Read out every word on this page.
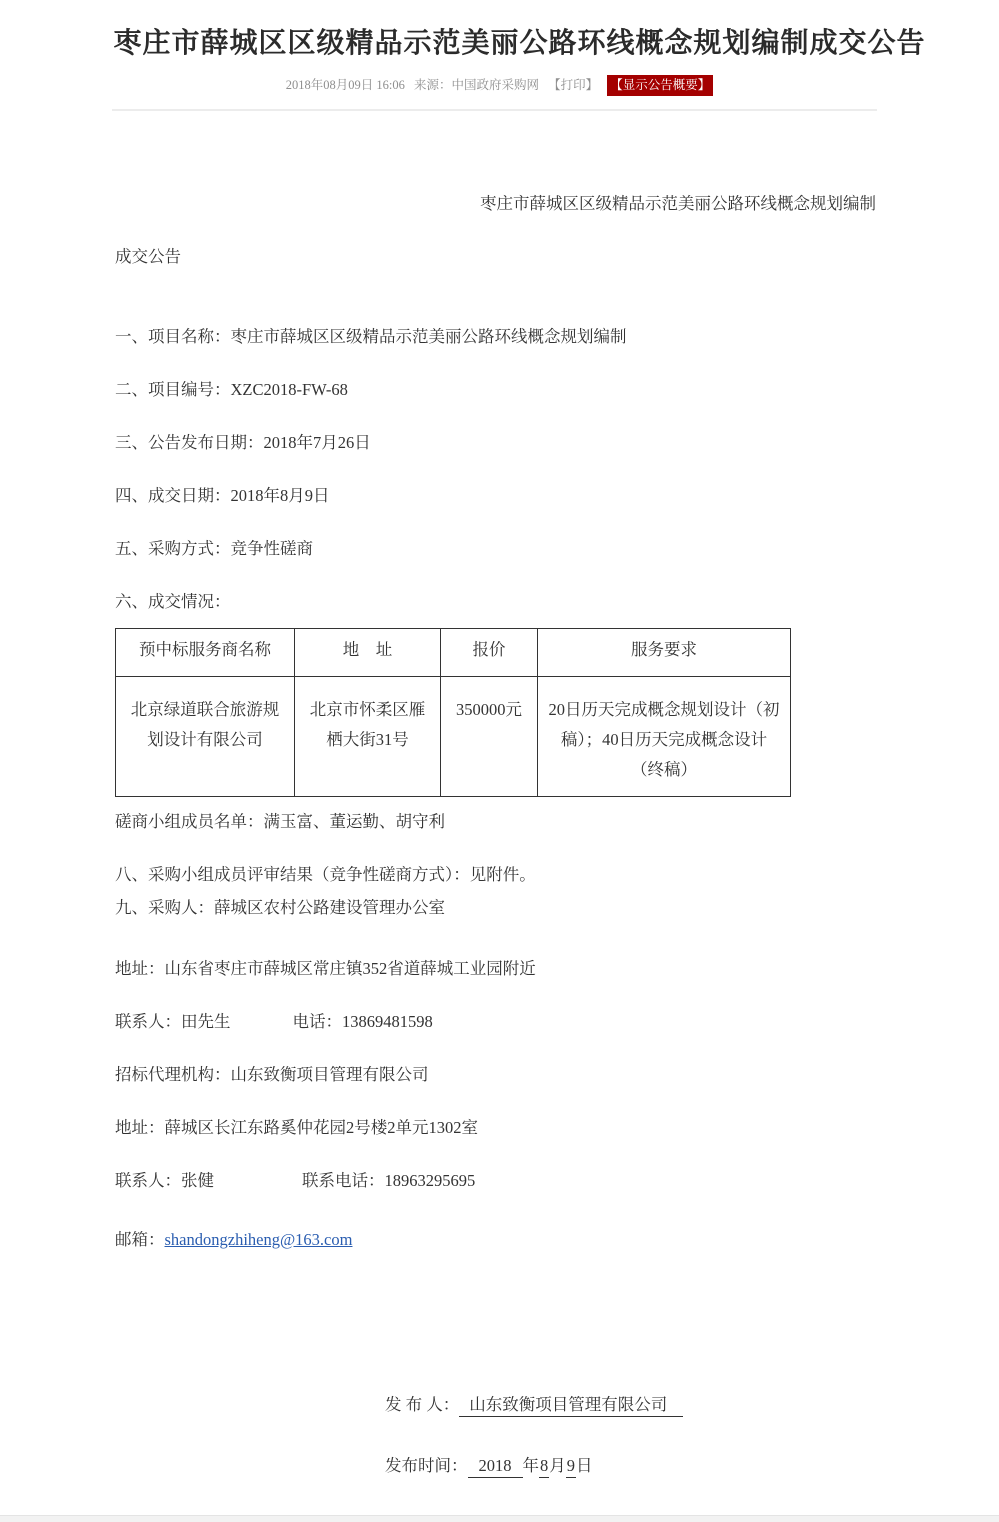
枣庄市薛城区区级精品示范美丽公路环线概念规划编制成交公告
2018年08月09日 16:06 来源：中国政府采购网 【打印】 【显示公告概要】
枣庄市薛城区区级精品示范美丽公路环线概念规划编制
成交公告

一、项目名称：枣庄市薛城区区级精品示范美丽公路环线概念规划编制

二、项目编号：XZC2018-FW-68

三、公告发布日期：2018年7月26日

四、成交日期：2018年8月9日

五、采购方式：竞争性磋商

六、成交情况：

预中标服务商名称	地　址	报价	服务要求
北京绿道联合旅游规划设计有限公司	北京市怀柔区雁栖大街31号	350000元	20日历天完成概念规划设计（初稿）；40日历天完成概念设计（终稿）

磋商小组成员名单：满玉富、董运勤、胡守利

八、采购小组成员评审结果（竞争性磋商方式）：见附件。

九、采购人：薛城区农村公路建设管理办公室

地址：山东省枣庄市薛城区常庄镇352省道薛城工业园附近

联系人：田先生	电话：13869481598

招标代理机构：山东致衡项目管理有限公司

地址：薛城区长江东路奚仲花园2号楼2单元1302室

联系人：张健	联系电话：18963295695

邮箱：shandongzhiheng@163.com

发 布 人： 山东致衡项目管理有限公司

发布时间： 2018 年8月9日
